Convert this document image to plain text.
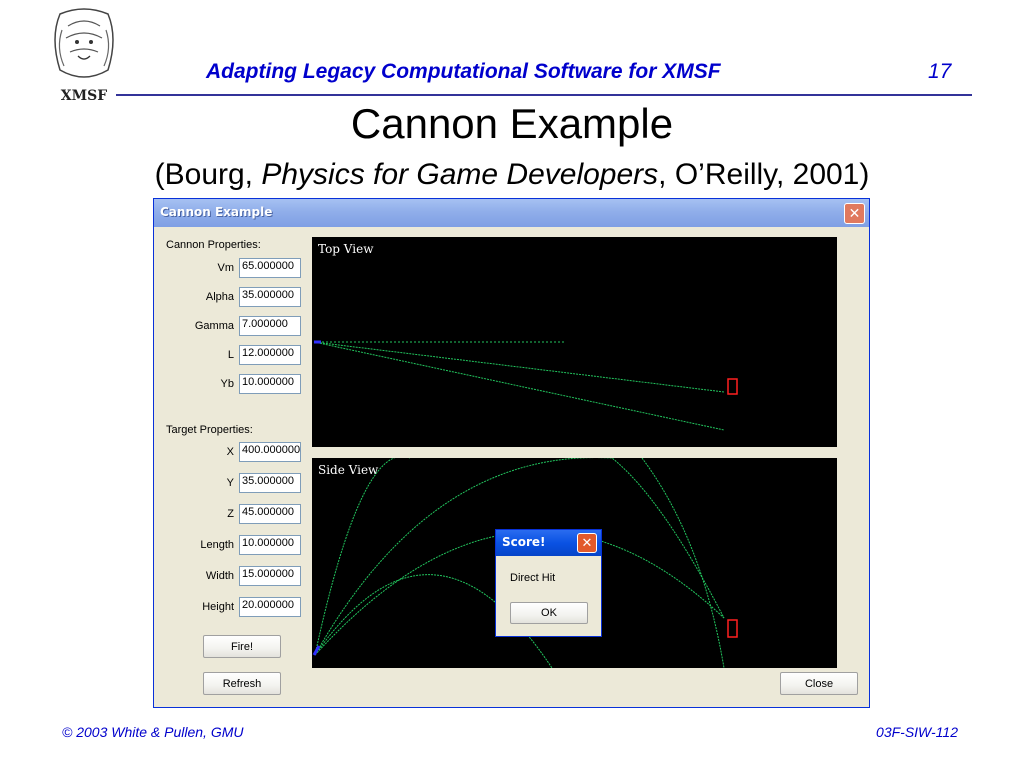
XMSF
Adapting Legacy Computational Software for XMSF	17
Cannon Example
(Bourg, Physics for Game Developers, O’Reilly, 2001)
Cannon Example	✕
Cannon Properties:
Vm 65.000000
Alpha 35.000000
Gamma 7.000000
L 12.000000
Yb 10.000000
Target Properties:
X 400.000000
Y 35.000000
Z 45.000000
Length 10.000000
Width 15.000000
Height 20.000000
Fire!
Refresh	Close
Top View
Side View
Score!	✕
Direct Hit
OK
© 2003 White & Pullen, GMU	03F-SIW-112
